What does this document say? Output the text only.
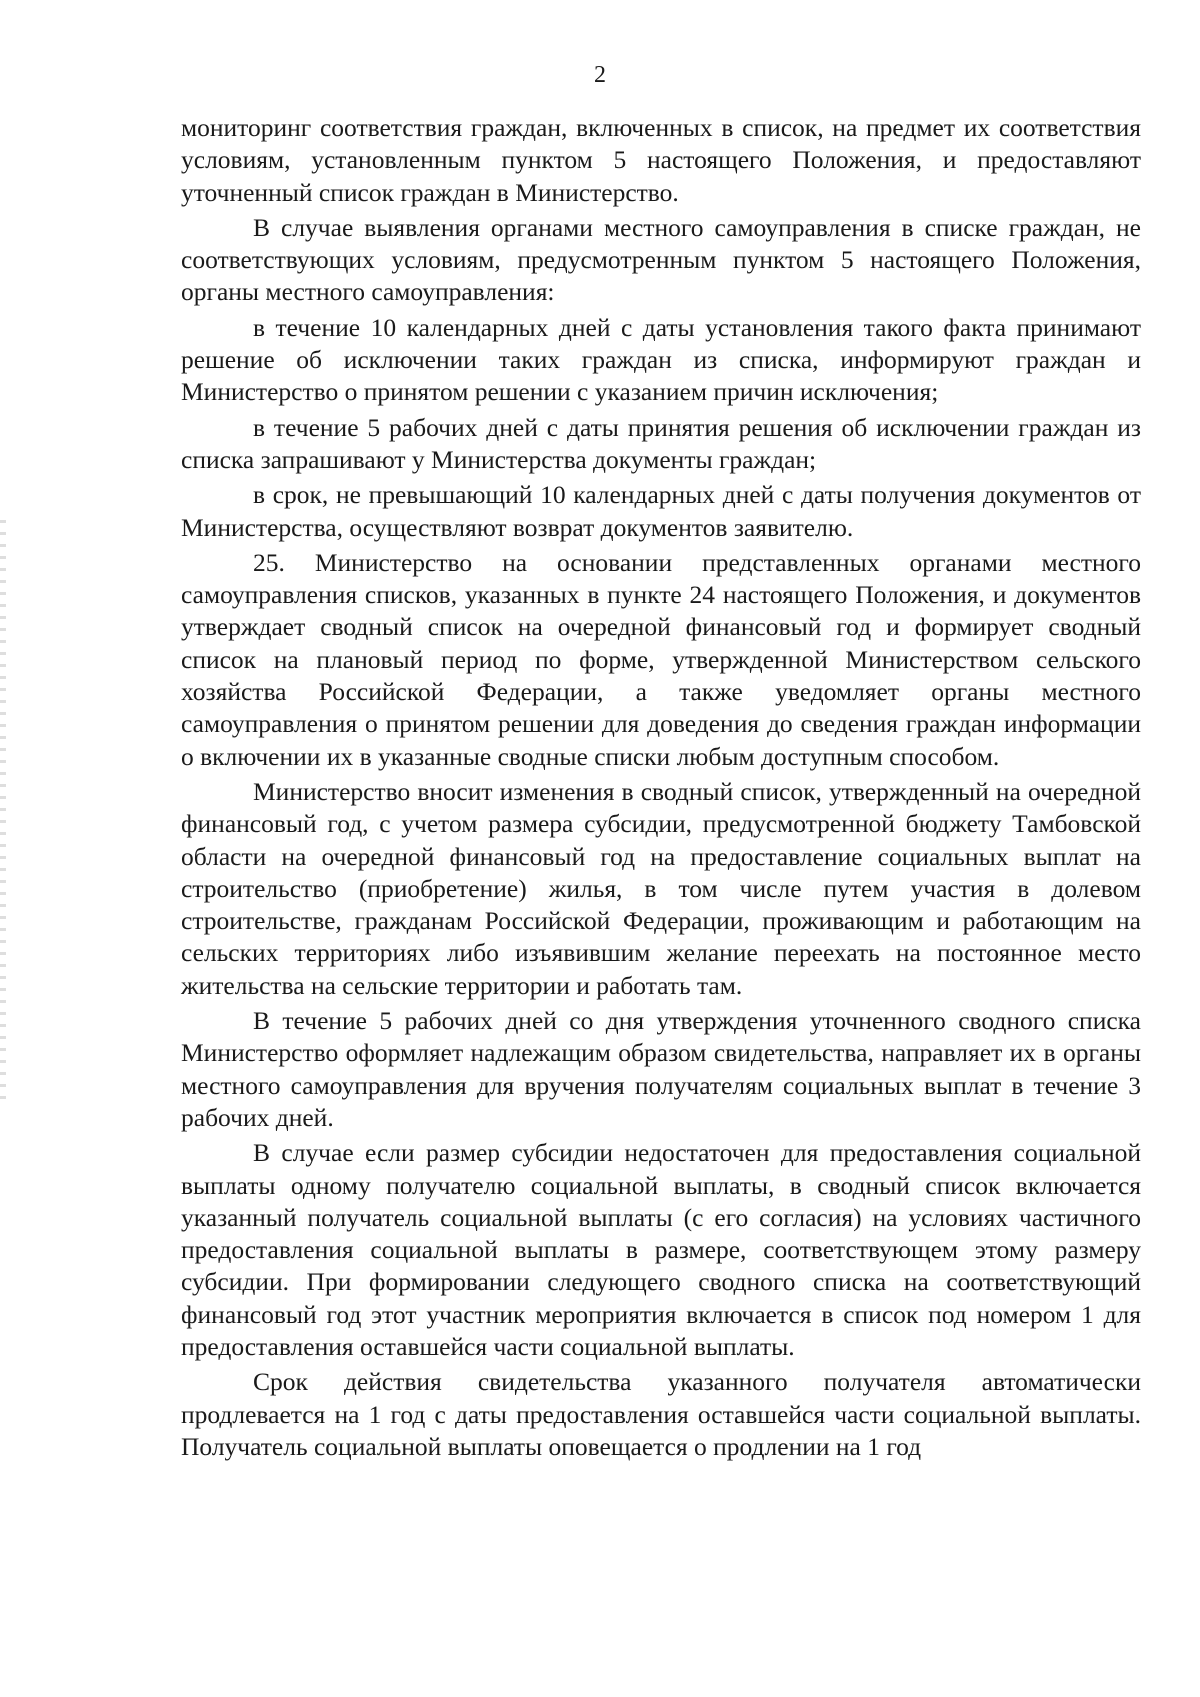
2

мониторинг соответствия граждан, включенных в список, на предмет их соответствия условиям, установленным пунктом 5 настоящего Положения, и предоставляют уточненный список граждан в Министерство.

В случае выявления органами местного самоуправления в списке граждан, не соответствующих условиям, предусмотренным пунктом 5 настоящего Положения, органы местного самоуправления:

в течение 10 календарных дней с даты установления такого факта принимают решение об исключении таких граждан из списка, информируют граждан и Министерство о принятом решении с указанием причин исключения;

в течение 5 рабочих дней с даты принятия решения об исключении граждан из списка запрашивают у Министерства документы граждан;

в срок, не превышающий 10 календарных дней с даты получения документов от Министерства, осуществляют возврат документов заявителю.

25. Министерство на основании представленных органами местного самоуправления списков, указанных в пункте 24 настоящего Положения, и документов утверждает сводный список на очередной финансовый год и формирует сводный список на плановый период по форме, утвержденной Министерством сельского хозяйства Российской Федерации, а также уведомляет органы местного самоуправления о принятом решении для доведения до сведения граждан информации о включении их в указанные сводные списки любым доступным способом.

Министерство вносит изменения в сводный список, утвержденный на очередной финансовый год, с учетом размера субсидии, предусмотренной бюджету Тамбовской области на очередной финансовый год на предоставление социальных выплат на строительство (приобретение) жилья, в том числе путем участия в долевом строительстве, гражданам Российской Федерации, проживающим и работающим на сельских территориях либо изъявившим желание переехать на постоянное место жительства на сельские территории и работать там.

В течение 5 рабочих дней со дня утверждения уточненного сводного списка Министерство оформляет надлежащим образом свидетельства, направляет их в органы местного самоуправления для вручения получателям социальных выплат в течение 3 рабочих дней.

В случае если размер субсидии недостаточен для предоставления социальной выплаты одному получателю социальной выплаты, в сводный список включается указанный получатель социальной выплаты (с его согласия) на условиях частичного предоставления социальной выплаты в размере, соответствующем этому размеру субсидии. При формировании следующего сводного списка на соответствующий финансовый год этот участник мероприятия включается в список под номером 1 для предоставления оставшейся части социальной выплаты.

Срок действия свидетельства указанного получателя автоматически продлевается на 1 год с даты предоставления оставшейся части социальной выплаты. Получатель социальной выплаты оповещается о продлении на 1 год
